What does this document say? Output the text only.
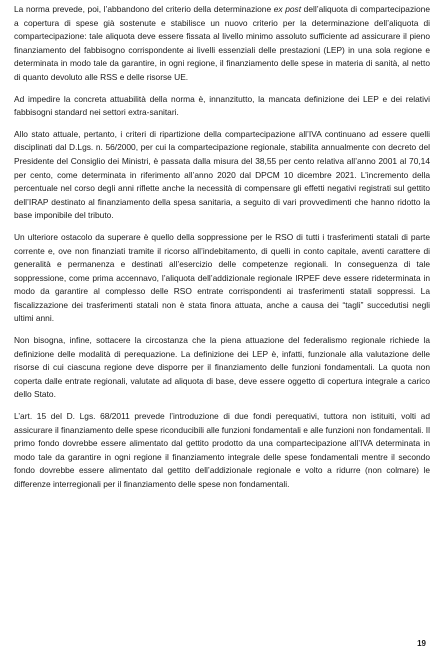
La norma prevede, poi, l’abbandono del criterio della determinazione ex post dell’aliquota di compartecipazione a copertura di spese già sostenute e stabilisce un nuovo criterio per la determinazione dell’aliquota di compartecipazione: tale aliquota deve essere fissata al livello minimo assoluto sufficiente ad assicurare il pieno finanziamento del fabbisogno corrispondente ai livelli essenziali delle prestazioni (LEP) in una sola regione e determinata in modo tale da garantire, in ogni regione, il finanziamento delle spese in materia di sanità, al netto di quanto devoluto alle RSS e delle risorse UE.

Ad impedire la concreta attuabilità della norma è, innanzitutto, la mancata definizione dei LEP e dei relativi fabbisogni standard nei settori extra-sanitari.

Allo stato attuale, pertanto, i criteri di ripartizione della compartecipazione all’IVA continuano ad essere quelli disciplinati dal D.Lgs. n. 56/2000, per cui la compartecipazione regionale, stabilita annualmente con decreto del Presidente del Consiglio dei Ministri, è passata dalla misura del 38,55 per cento relativa all’anno 2001 al 70,14 per cento, come determinata in riferimento all’anno 2020 dal DPCM 10 dicembre 2021. L’incremento della percentuale nel corso degli anni riflette anche la necessità di compensare gli effetti negativi registrati sul gettito dell’IRAP destinato al finanziamento della spesa sanitaria, a seguito di vari provvedimenti che hanno ridotto la base imponibile del tributo.

Un ulteriore ostacolo da superare è quello della soppressione per le RSO di tutti i trasferimenti statali di parte corrente e, ove non finanziati tramite il ricorso all’indebitamento, di quelli in conto capitale, aventi carattere di generalità e permanenza e destinati all’esercizio delle competenze regionali. In conseguenza di tale soppressione, come prima accennavo, l’aliquota dell’addizionale regionale IRPEF deve essere rideterminata in modo da garantire al complesso delle RSO entrate corrispondenti ai trasferimenti statali soppressi. La fiscalizzazione dei trasferimenti statali non è stata finora attuata, anche a causa dei “tagli” succedutisi negli ultimi anni.

Non bisogna, infine, sottacere la circostanza che la piena attuazione del federalismo regionale richiede la definizione delle modalità di perequazione. La definizione dei LEP è, infatti, funzionale alla valutazione delle risorse di cui ciascuna regione deve disporre per il finanziamento delle funzioni fondamentali. La quota non coperta dalle entrate regionali, valutate ad aliquota di base, deve essere oggetto di copertura integrale a carico dello Stato.

L’art. 15 del D. Lgs. 68/2011 prevede l’introduzione di due fondi perequativi, tuttora non istituiti, volti ad assicurare il finanziamento delle spese riconducibili alle funzioni fondamentali e alle funzioni non fondamentali. Il primo fondo dovrebbe essere alimentato dal gettito prodotto da una compartecipazione all’IVA determinata in modo tale da garantire in ogni regione il finanziamento integrale delle spese fondamentali mentre il secondo fondo dovrebbe essere alimentato dal gettito dell’addizionale regionale e volto a ridurre (non colmare) le differenze interregionali per il finanziamento delle spese non fondamentali.

19
